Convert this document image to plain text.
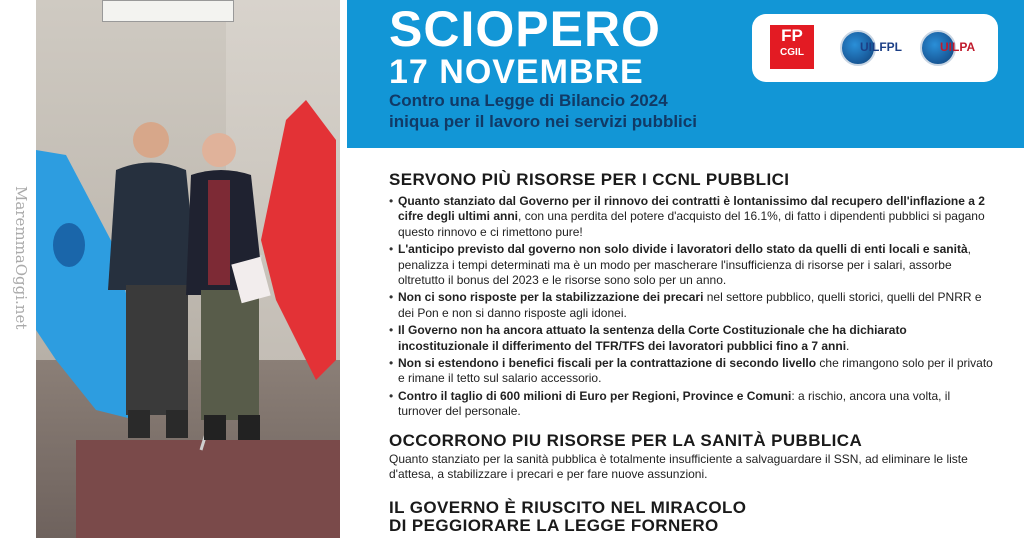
MaremmaOggi.net
SCIOPERO
17 NOVEMBRE
Contro una Legge di Bilancio 2024
iniqua per il lavoro nei servizi pubblici
FP
CGIL	UILFPL	UILPA
SERVONO PIÙ RISORSE PER I CCNL PUBBLICI
• Quanto stanziato dal Governo per il rinnovo dei contratti è lontanissimo dal recupero dell'inflazione a 2 cifre degli ultimi anni, con una perdita del potere d'acquisto del 16.1%, di fatto i dipendenti pubblici si pagano questo rinnovo e ci rimettono pure!
• L'anticipo previsto dal governo non solo divide i lavoratori dello stato da quelli di enti locali e sanità, penalizza i tempi determinati ma è un modo per mascherare l'insufficienza di risorse per i salari, assorbe oltretutto il bonus del 2023 e le risorse sono solo per un anno.
• Non ci sono risposte per la stabilizzazione dei precari nel settore pubblico, quelli storici, quelli del PNRR e dei Pon e non si danno risposte agli idonei.
• Il Governo non ha ancora attuato la sentenza della Corte Costituzionale che ha dichiarato incostituzionale il differimento del TFR/TFS dei lavoratori pubblici fino a 7 anni.
• Non si estendono i benefici fiscali per la contrattazione di secondo livello che rimangono solo per il privato e rimane il tetto sul salario accessorio.
• Contro il taglio di 600 milioni di Euro per Regioni, Province e Comuni: a rischio, ancora una volta, il turnover del personale.
OCCORRONO PIU RISORSE PER LA SANITÀ PUBBLICA
Quanto stanziato per la sanità pubblica è totalmente insufficiente a salvaguardare il SSN, ad eliminare le liste d'attesa, a stabilizzare i precari e per fare nuove assunzioni.
IL GOVERNO È RIUSCITO NEL MIRACOLO
DI PEGGIORARE LA LEGGE FORNERO
